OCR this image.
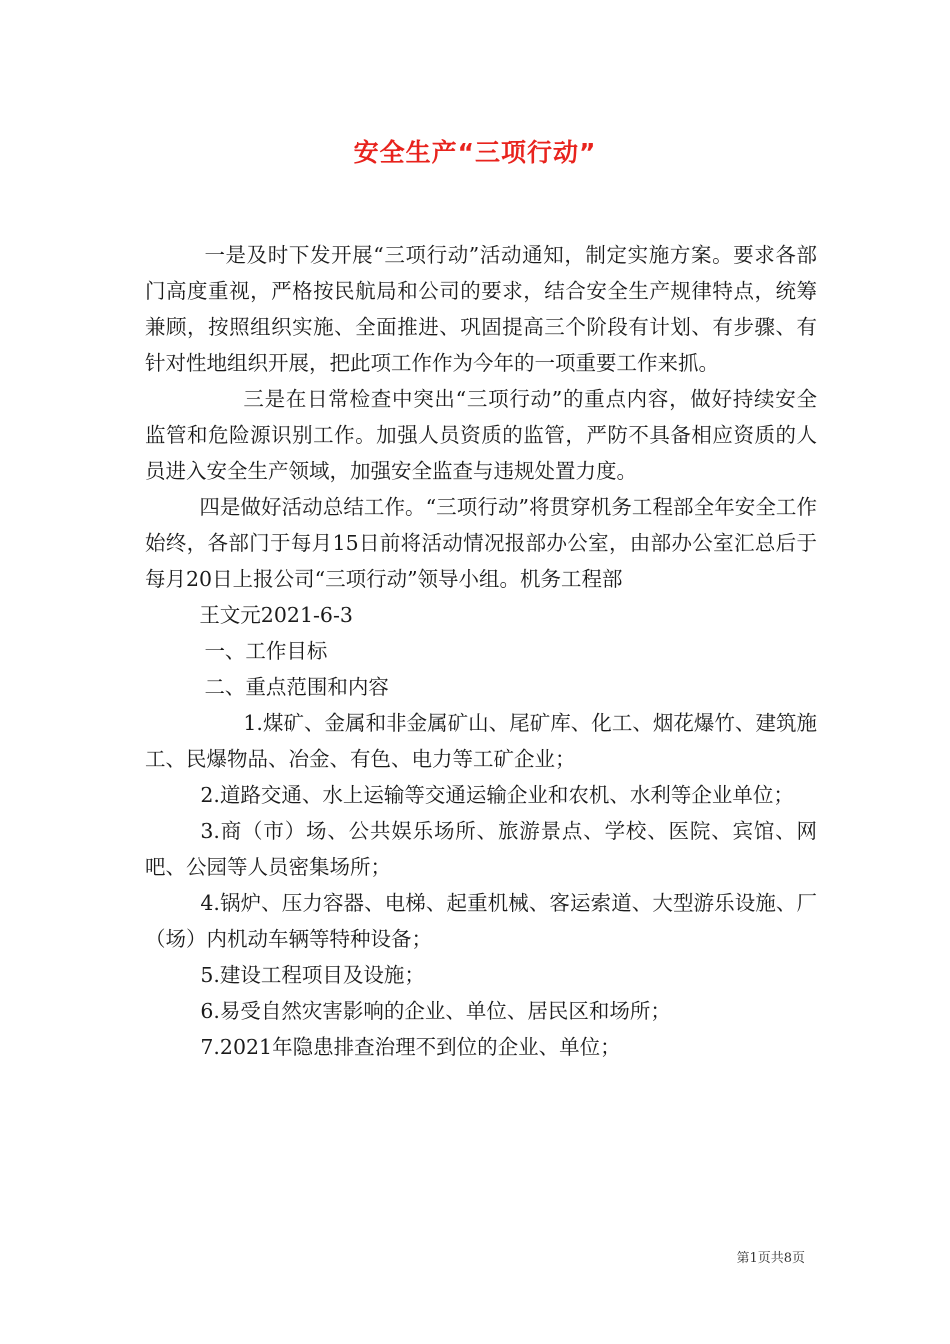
安全生产“三项行动”

一是及时下发开展“三项行动”活动通知，制定实施方案。要求各部门高度重视，严格按民航局和公司的要求，结合安全生产规律特点，统筹兼顾，按照组织实施、全面推进、巩固提高三个阶段有计划、有步骤、有针对性地组织开展，把此项工作作为今年的一项重要工作来抓。

三是在日常检查中突出“三项行动”的重点内容，做好持续安全监管和危险源识别工作。加强人员资质的监管，严防不具备相应资质的人员进入安全生产领域，加强安全监查与违规处置力度。

四是做好活动总结工作。“三项行动”将贯穿机务工程部全年安全工作始终，各部门于每月15日前将活动情况报部办公室，由部办公室汇总后于每月20日上报公司“三项行动”领导小组。机务工程部

王文元2021-6-3

一、工作目标

二、重点范围和内容

1.煤矿、金属和非金属矿山、尾矿库、化工、烟花爆竹、建筑施工、民爆物品、冶金、有色、电力等工矿企业；

2.道路交通、水上运输等交通运输企业和农机、水利等企业单位；

3.商（市）场、公共娱乐场所、旅游景点、学校、医院、宾馆、网吧、公园等人员密集场所；

4.锅炉、压力容器、电梯、起重机械、客运索道、大型游乐设施、厂（场）内机动车辆等特种设备；

5.建设工程项目及设施；

6.易受自然灾害影响的企业、单位、居民区和场所；

7.2021年隐患排查治理不到位的企业、单位；

第1页共8页
